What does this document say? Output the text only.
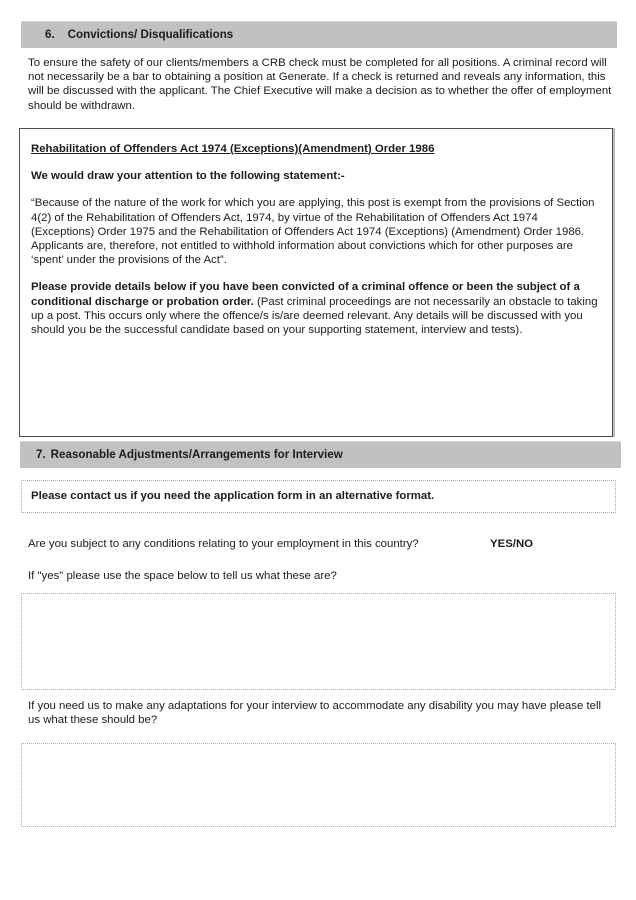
6. Convictions/ Disqualifications

To ensure the safety of our clients/members a CRB check must be completed for all positions. A criminal record will not necessarily be a bar to obtaining a position at Generate. If a check is returned and reveals any information, this will be discussed with the applicant. The Chief Executive will make a decision as to whether the offer of employment should be withdrawn.

Rehabilitation of Offenders Act 1974 (Exceptions)(Amendment) Order 1986
We would draw your attention to the following statement:-

“Because of the nature of the work for which you are applying, this post is exempt from the provisions of Section 4(2) of the Rehabilitation of Offenders Act, 1974, by virtue of the Rehabilitation of Offenders Act 1974 (Exceptions) Order 1975 and the Rehabilitation of Offenders Act 1974 (Exceptions) (Amendment) Order 1986. Applicants are, therefore, not entitled to withhold information about convictions which for other purposes are ‘spent’ under the provisions of the Act”.

Please provide details below if you have been convicted of a criminal offence or been the subject of a conditional discharge or probation order. (Past criminal proceedings are not necessarily an obstacle to taking up a post. This occurs only where the offence/s is/are deemed relevant. Any details will be discussed with you should you be the successful candidate based on your supporting statement, interview and tests).

7. Reasonable Adjustments/Arrangements for Interview
Please contact us if you need the application form in an alternative format.
Are you subject to any conditions relating to your employment in this country?	YES/NO
If "yes" please use the space below to tell us what these are?
If you need us to make any adaptations for your interview to accommodate any disability you may have please tell us what these should be?
